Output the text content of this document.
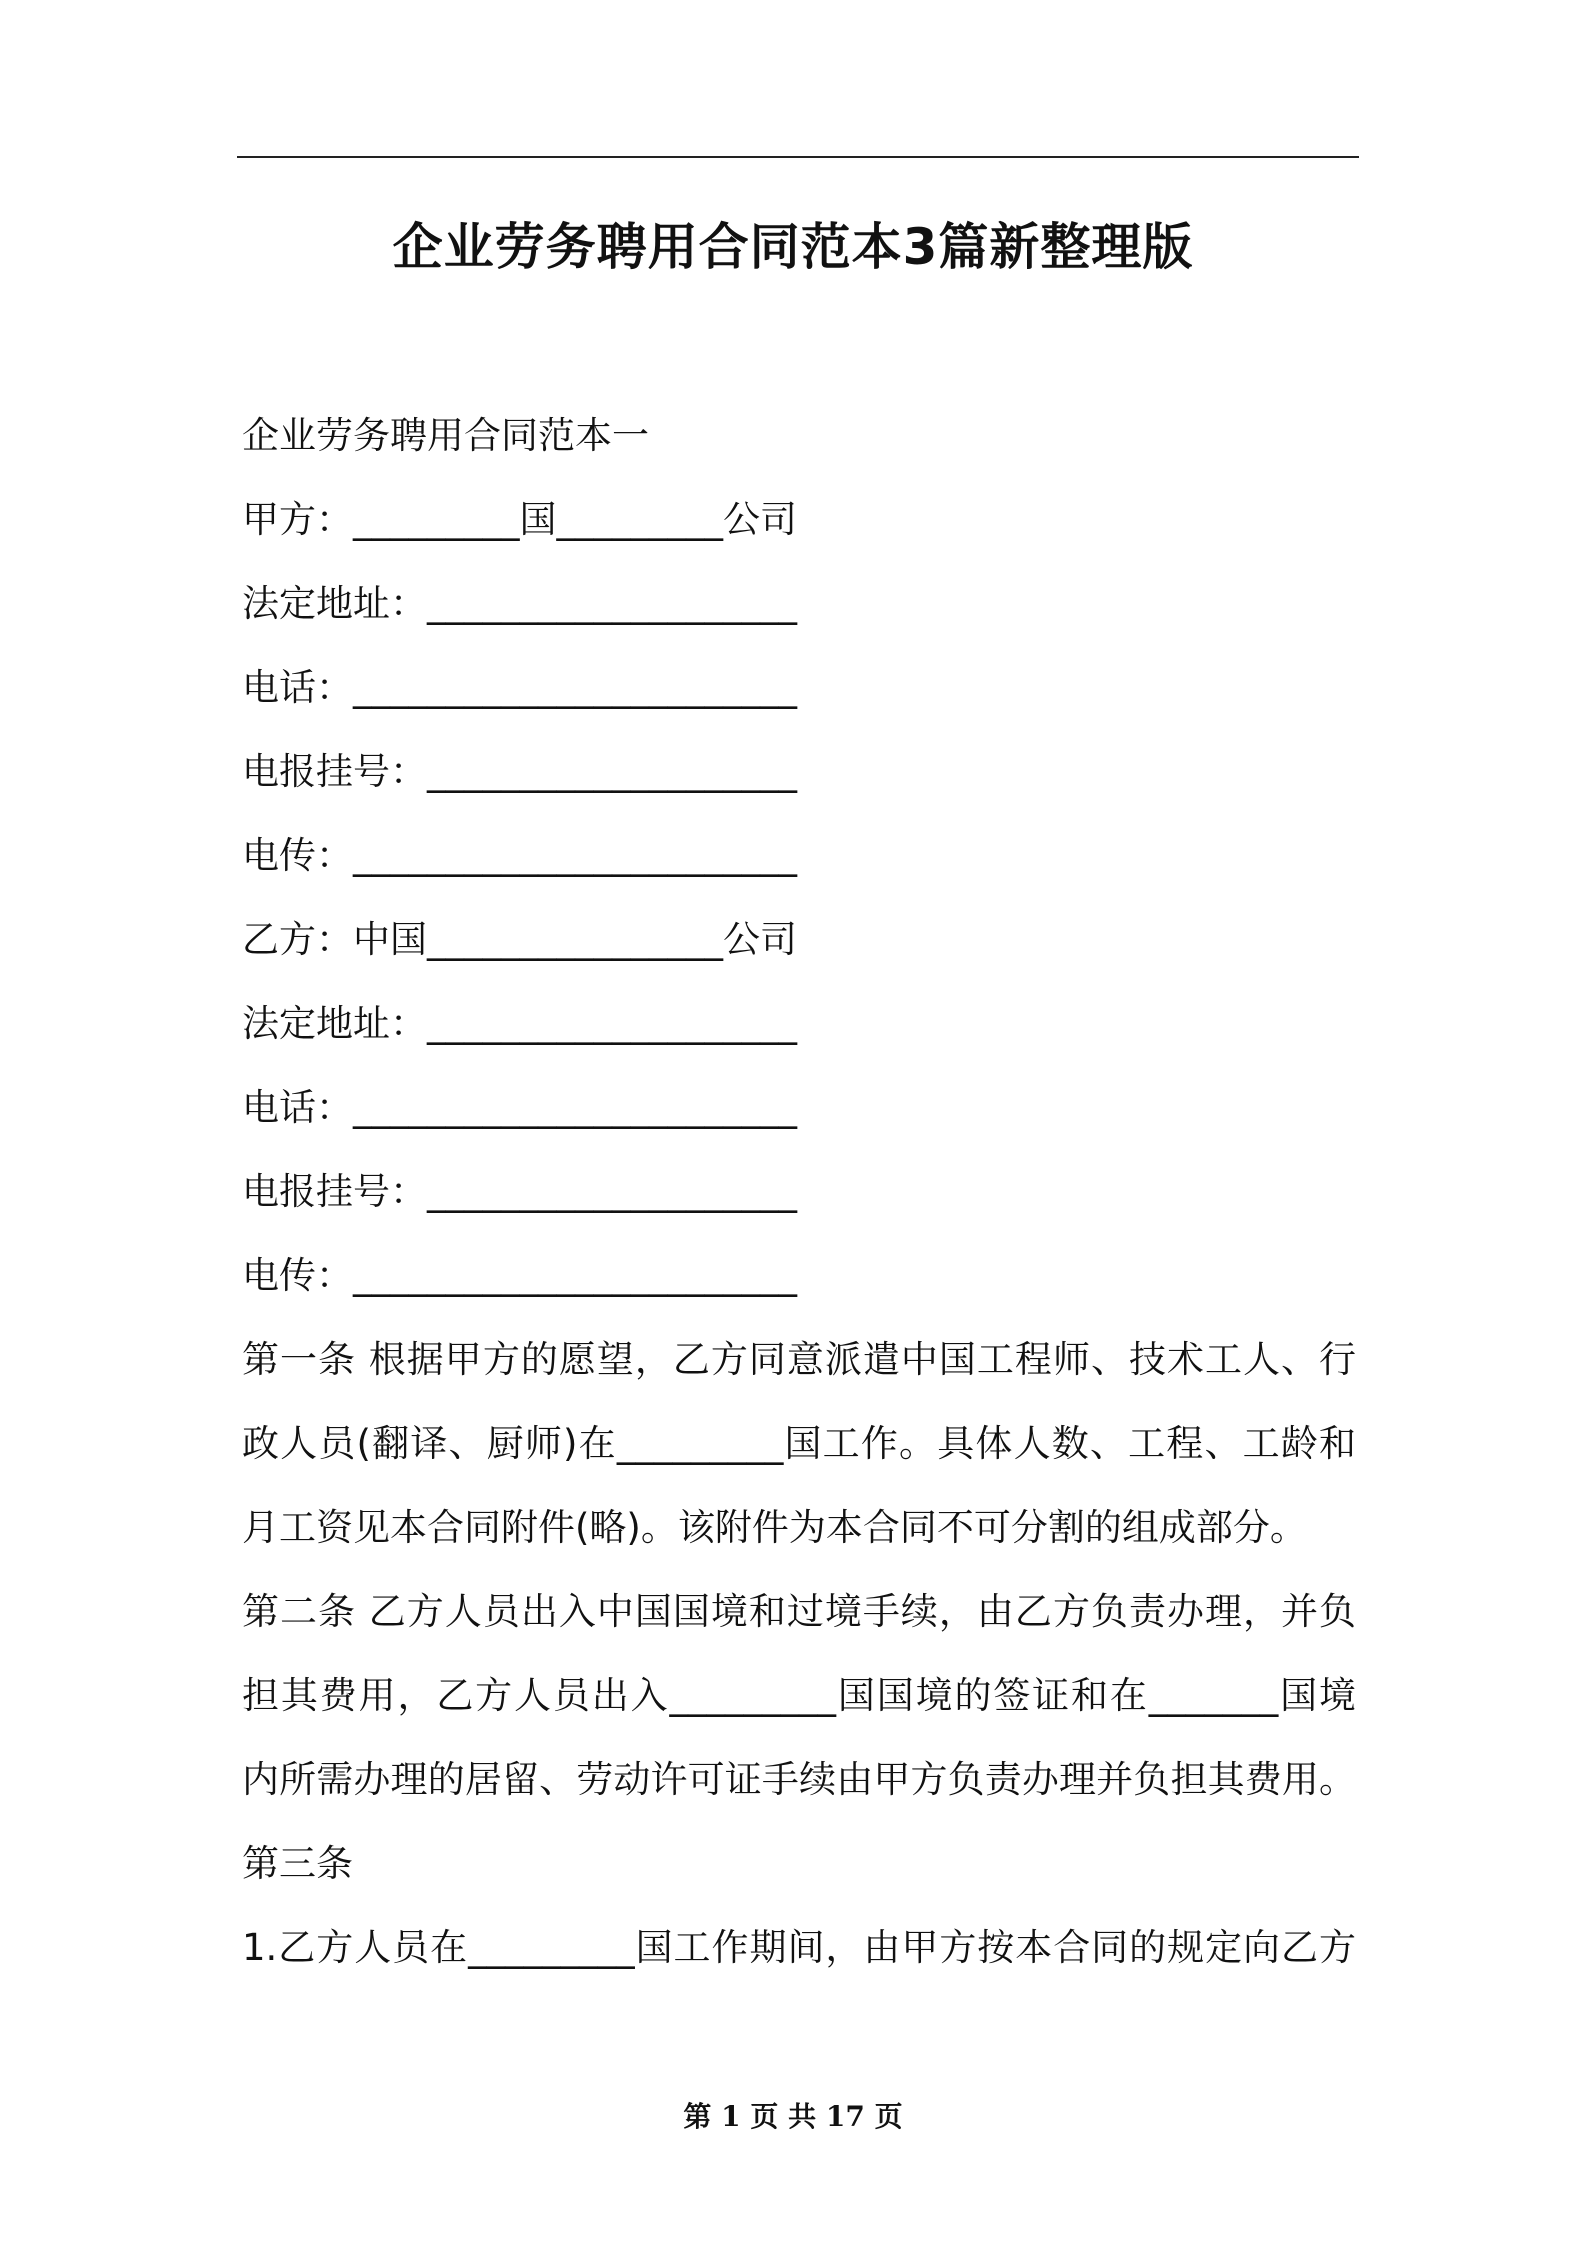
企业劳务聘用合同范本3篇新整理版
企业劳务聘用合同范本一
甲方：_________国_________公司
法定地址：____________________
电话：________________________
电报挂号：____________________
电传：________________________
乙方：中国________________公司
法定地址：____________________
电话：________________________
电报挂号：____________________
电传：________________________
第一条 根据甲方的愿望，乙方同意派遣中国工程师、技术工人、行
政人员(翻译、厨师)在_________国工作。具体人数、工程、工龄和
月工资见本合同附件(略)。该附件为本合同不可分割的组成部分。
第二条 乙方人员出入中国国境和过境手续，由乙方负责办理，并负
担其费用，乙方人员出入_________国国境的签证和在_______国境
内所需办理的居留、劳动许可证手续由甲方负责办理并负担其费用。
第三条
1.乙方人员在_________国工作期间，由甲方按本合同的规定向乙方
第 1 页 共 17 页
